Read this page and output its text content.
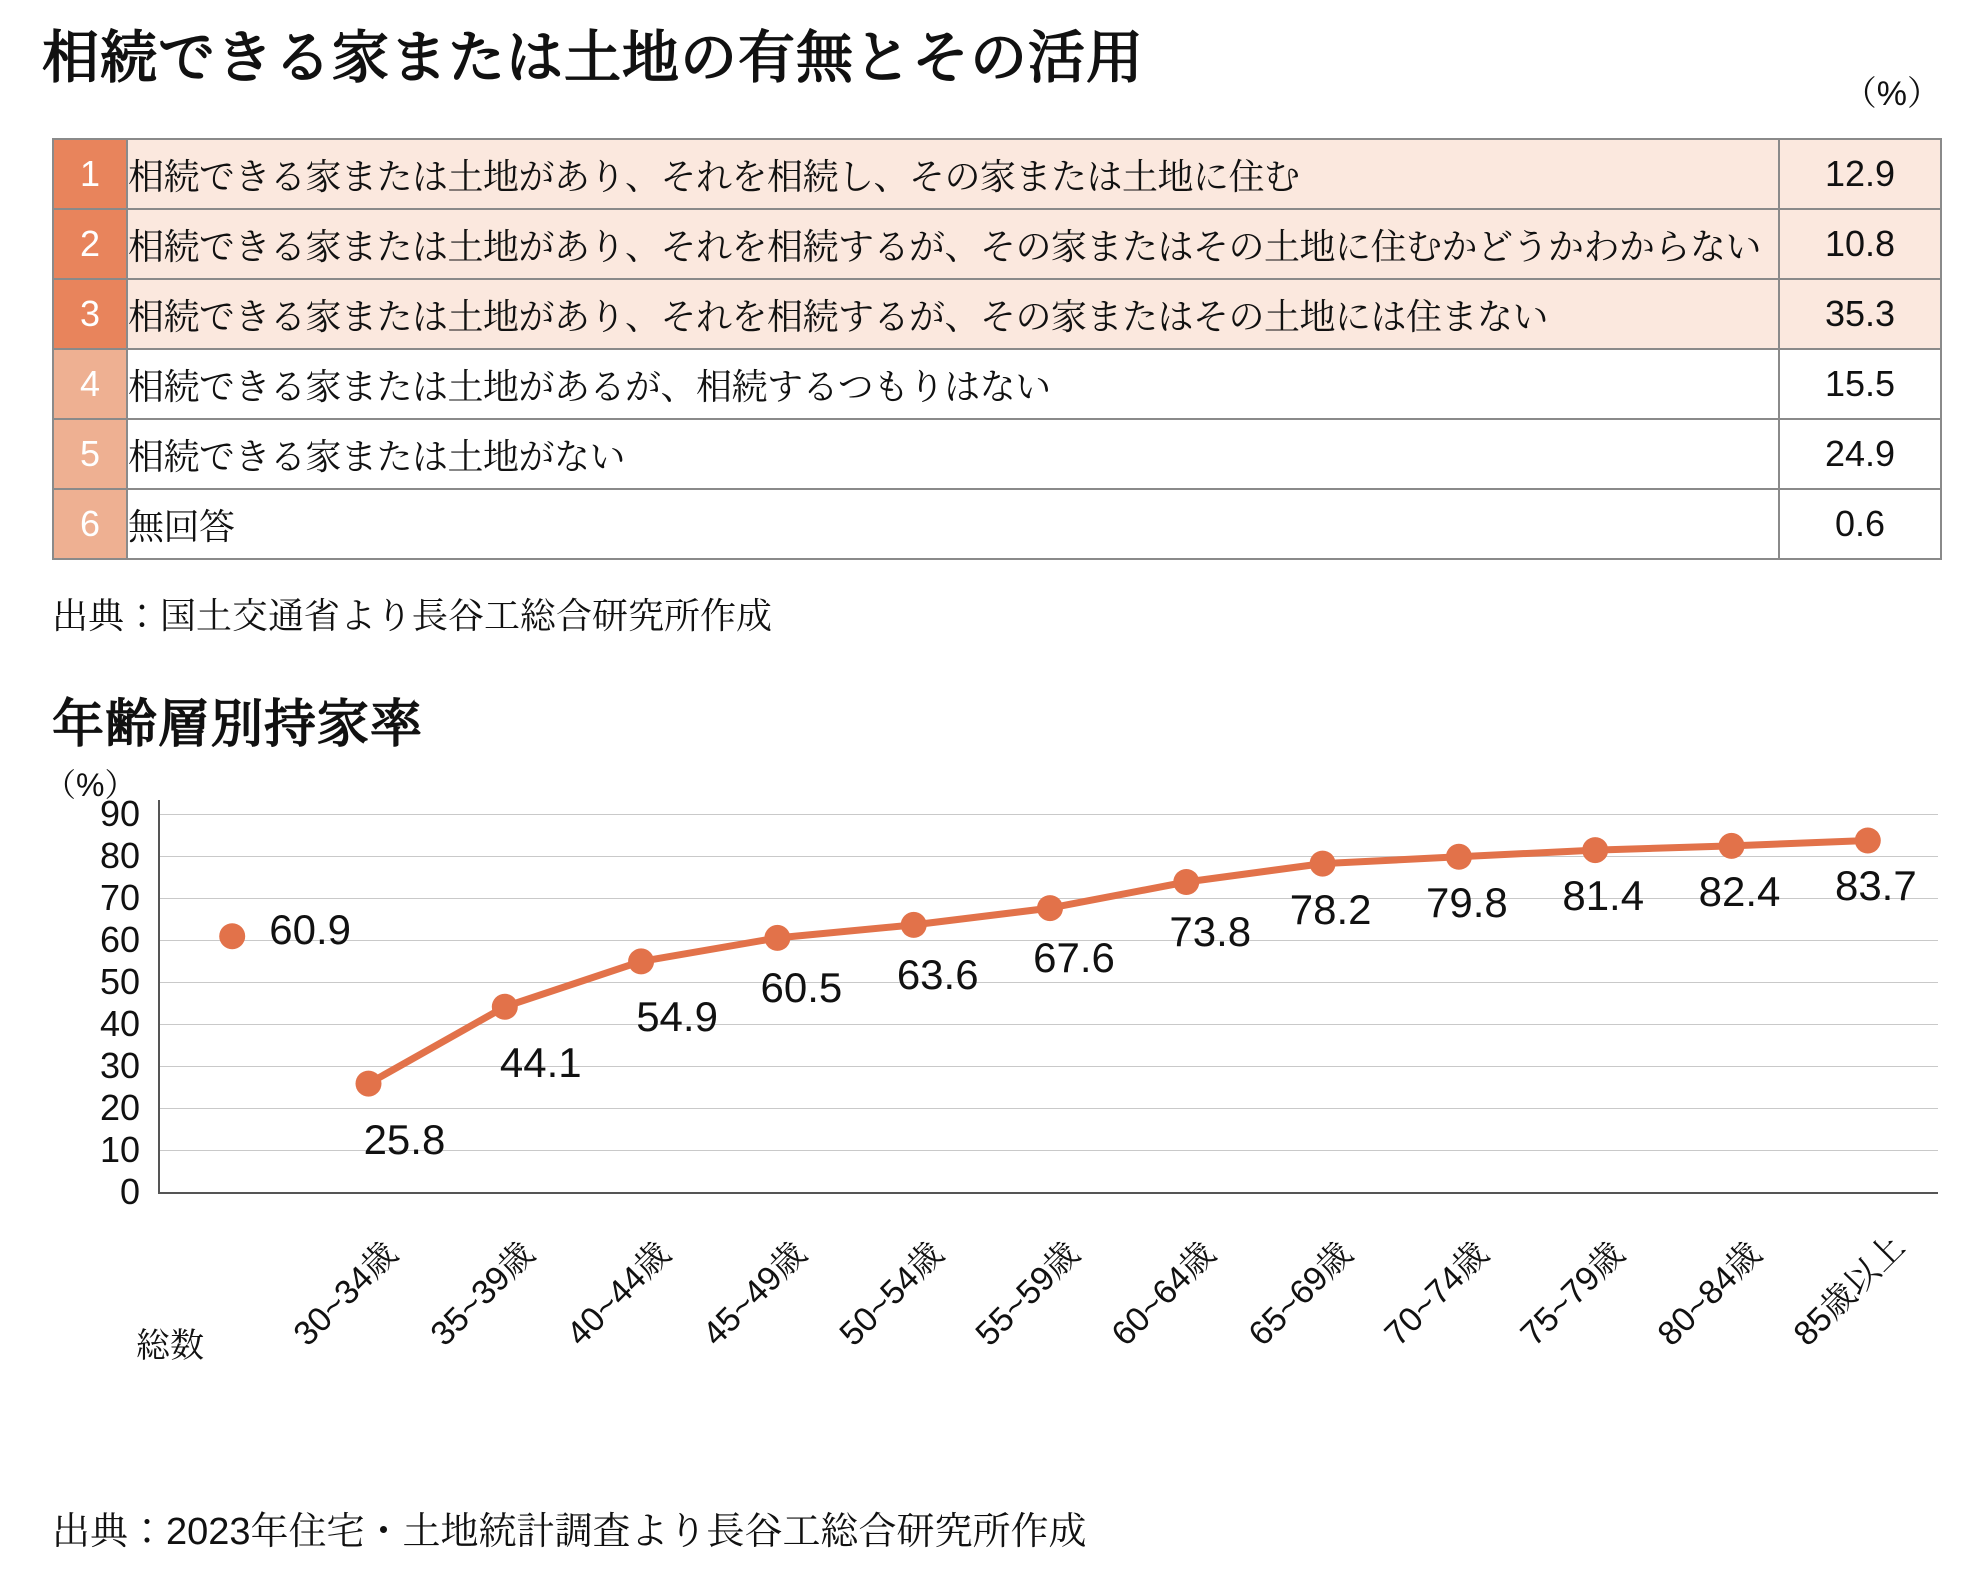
相続できる家または土地の有無とその活用
（%）
1	相続できる家または土地があり、それを相続し、その家または土地に住む	12.9
2	相続できる家または土地があり、それを相続するが、その家またはその土地に住むかどうかわからない	10.8
3	相続できる家または土地があり、それを相続するが、その家またはその土地には住まない	35.3
4	相続できる家または土地があるが、相続するつもりはない	15.5
5	相続できる家または土地がない	24.9
6	無回答	0.6
出典：国土交通省より長谷工総合研究所作成
年齢層別持家率
（%）
0
10
20
30
40
50
60
70
80
90
60.9
25.8
44.1
54.9
60.5 63.6 67.6
73.8 78.2 79.8 81.4 82.4 83.7
総数 30~34歳 35~39歳 40~44歳 45~49歳 50~54歳 55~59歳 60~64歳 65~69歳 70~74歳 75~79歳 80~84歳 85歳以上
出典：2023年住宅・土地統計調査より長谷工総合研究所作成
